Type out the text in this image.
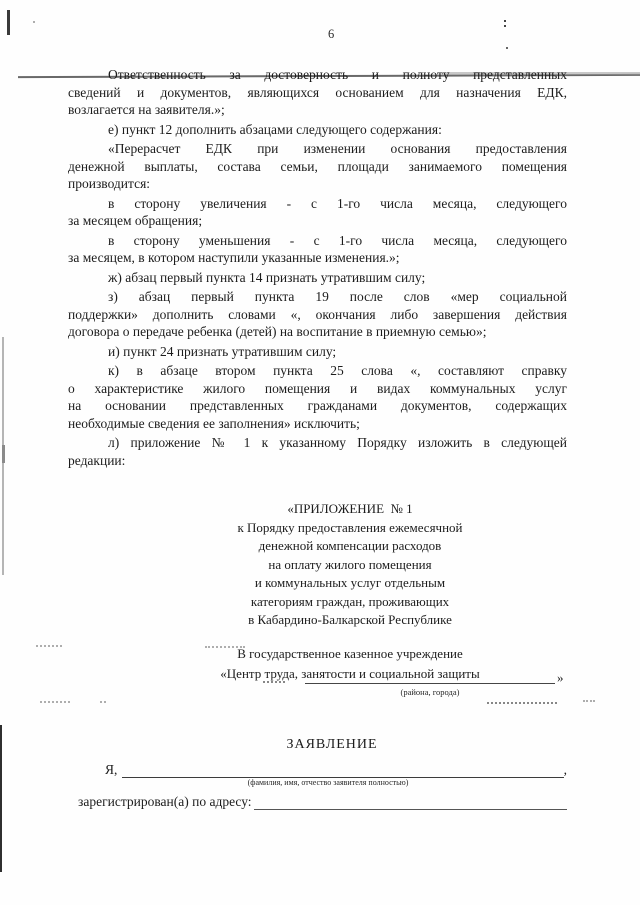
6
Ответственность за достоверность и полноту представленных
сведений и документов, являющихся основанием для назначения ЕДК,
возлагается на заявителя.»;
е) пункт 12 дополнить абзацами следующего содержания:
«Перерасчет ЕДК при изменении основания предоставления
денежной выплаты, состава семьи, площади занимаемого помещения
производится:
в сторону увеличения - с 1-го числа месяца, следующего
за месяцем обращения;
в сторону уменьшения - с 1-го числа месяца, следующего
за месяцем, в котором наступили указанные изменения.»;
ж) абзац первый пункта 14 признать утратившим силу;
з) абзац первый пункта 19 после слов «мер социальной
поддержки» дополнить словами «, окончания либо завершения действия
договора о передаче ребенка (детей) на воспитание в приемную семью»;
и) пункт 24 признать утратившим силу;
к) в абзаце втором пункта 25 слова «, составляют справку
о характеристике жилого помещения и видах коммунальных услуг
на основании представленных гражданами документов, содержащих
необходимые сведения ее заполнения» исключить;
л) приложение № 1 к указанному Порядку изложить в следующей
редакции:
«ПРИЛОЖЕНИЕ  № 1
к Порядку предоставления ежемесячной
денежной компенсации расходов
на оплату жилого помещения
и коммунальных услуг отдельным
категориям граждан, проживающих
в Кабардино-Балкарской Республике
В государственное казенное учреждение
«Центр труда, занятости и социальной защиты	»
(района, города)
ЗАЯВЛЕНИЕ
Я,	,
(фамилия, имя, отчество заявителя полностью)
зарегистрирован(а) по адресу:
